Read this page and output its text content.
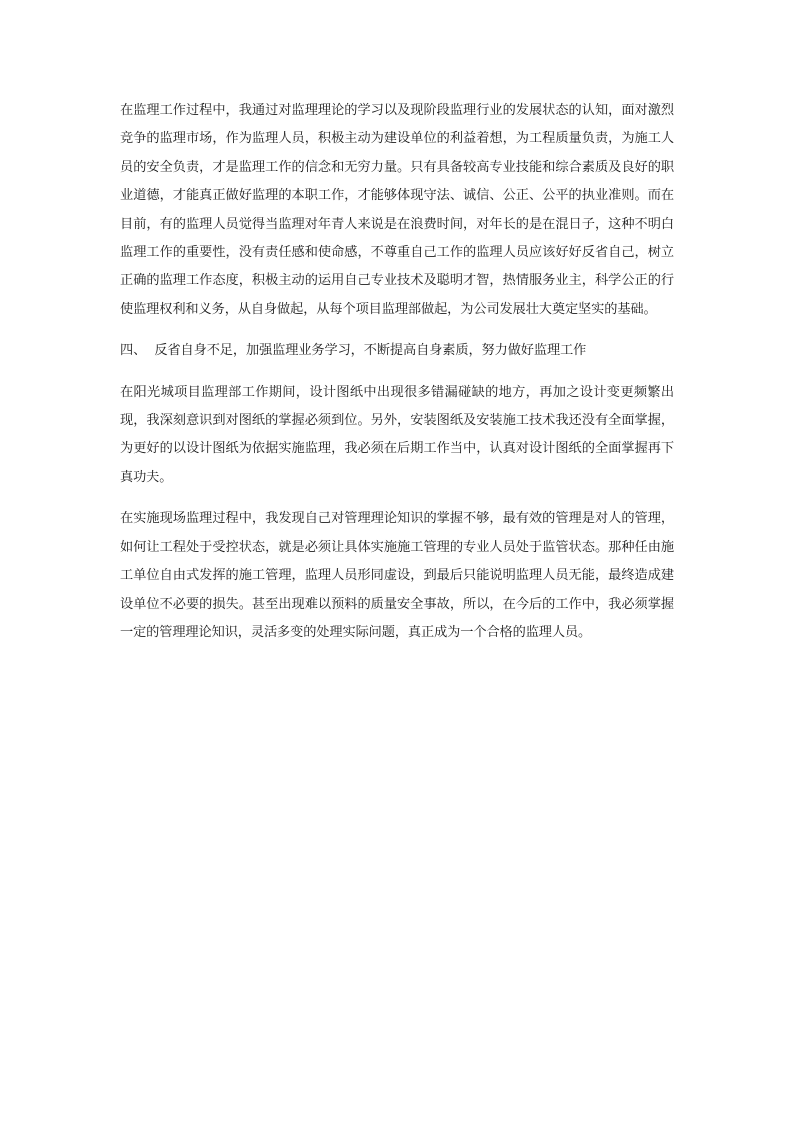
在监理工作过程中，我通过对监理理论的学习以及现阶段监理行业的发展状态的认知，面对激烈竞争的监理市场，作为监理人员，积极主动为建设单位的利益着想，为工程质量负责，为施工人员的安全负责，才是监理工作的信念和无穷力量。只有具备较高专业技能和综合素质及良好的职业道德，才能真正做好监理的本职工作，才能够体现守法、诚信、公正、公平的执业准则。而在目前，有的监理人员觉得当监理对年青人来说是在浪费时间，对年长的是在混日子，这种不明白监理工作的重要性，没有责任感和使命感，不尊重自己工作的监理人员应该好好反省自己，树立正确的监理工作态度，积极主动的运用自己专业技术及聪明才智，热情服务业主，科学公正的行使监理权利和义务，从自身做起，从每个项目监理部做起，为公司发展壮大奠定坚实的基础。

四、  反省自身不足，加强监理业务学习，不断提高自身素质，努力做好监理工作

在阳光城项目监理部工作期间，设计图纸中出现很多错漏碰缺的地方，再加之设计变更频繁出现，我深刻意识到对图纸的掌握必须到位。另外，安装图纸及安装施工技术我还没有全面掌握，为更好的以设计图纸为依据实施监理，我必须在后期工作当中，认真对设计图纸的全面掌握再下真功夫。

在实施现场监理过程中，我发现自己对管理理论知识的掌握不够，最有效的管理是对人的管理，如何让工程处于受控状态，就是必须让具体实施施工管理的专业人员处于监管状态。那种任由施工单位自由式发挥的施工管理，监理人员形同虚设，到最后只能说明监理人员无能，最终造成建设单位不必要的损失。甚至出现难以预料的质量安全事故，所以，在今后的工作中，我必须掌握一定的管理理论知识，灵活多变的处理实际问题，真正成为一个合格的监理人员。
